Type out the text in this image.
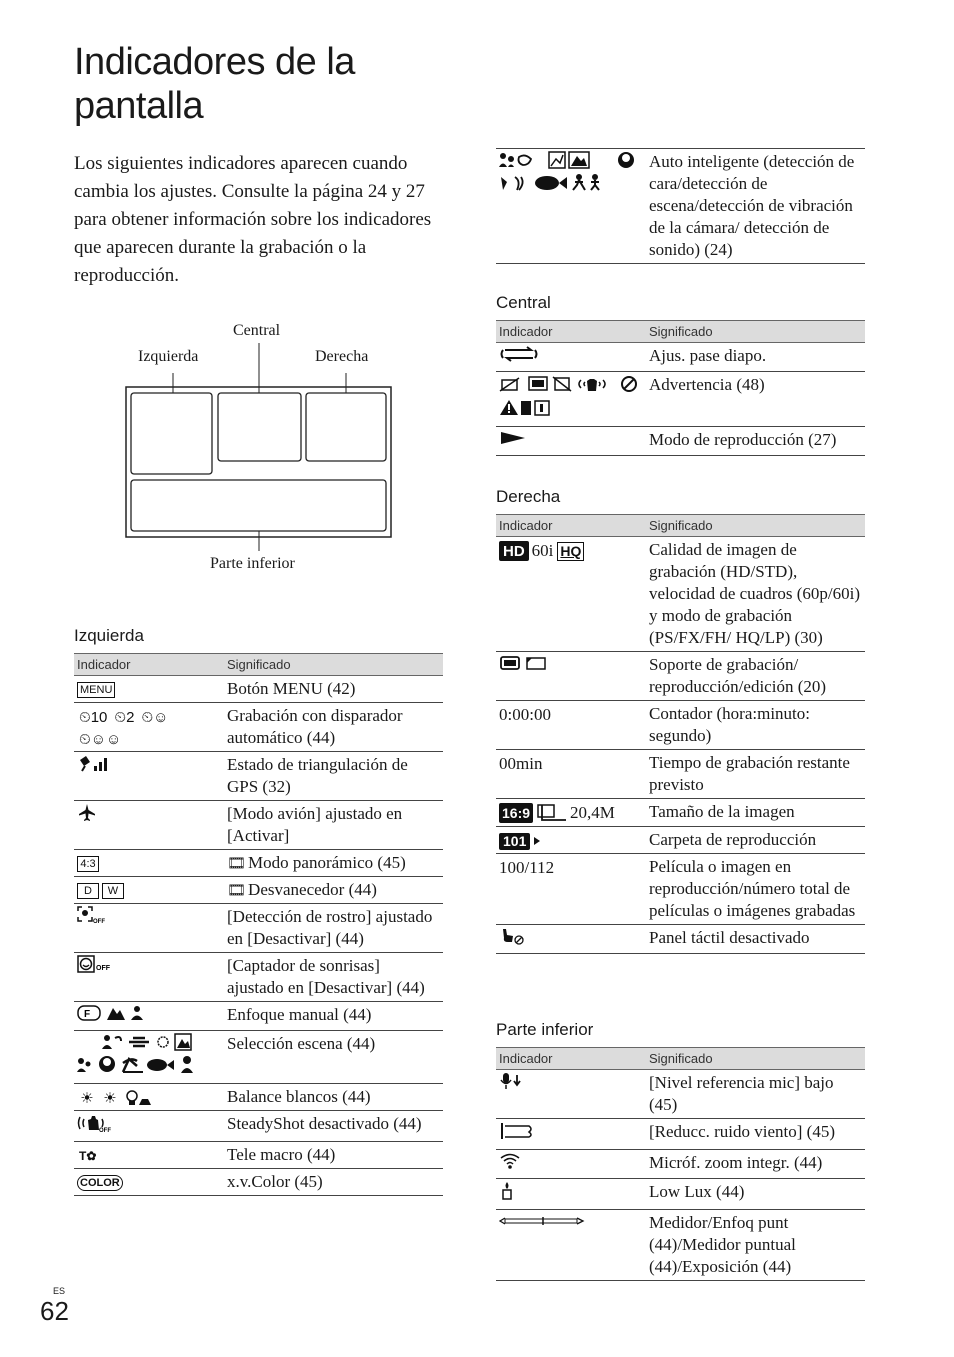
Indicadores de la pantalla

Los siguientes indicadores aparecen cuando cambia los ajustes. Consulte la página 24 y 27 para obtener información sobre los indicadores que aparecen durante la grabación o la reproducción.

Central
Izquierda	Derecha
Parte inferior
Izquierda
Indicador	Significado
MENU	Botón MENU (42)
⏲10 ⏲2 ⏲☺⏲☺☺	Grabación con disparador automático (44)
	Estado de triangulación de GPS (32)
	[Modo avión] ajustado en [Activar]
4:3	🎞 Modo panorámico (45)
D W	🎞 Desvanecedor (44)

OFF	[Detección de rostro] ajustado en [Desactivar] (44)

OFF	[Captador de sonrisas] ajustado en [Desactivar] (44)

F	Enfoque manual (44)
	Selección escena (44)
☀ ☀	Balance blancos (44)

OFF	SteadyShot desactivado (44)
T✿	Tele macro (44)
COLOR	x.v.Color (45)
	Auto inteligente (detección de cara/detección de escena/detección de vibración de la cámara/ detección de sonido) (24)
Central
Indicador	Significado
	Ajus. pase diapo.
	Advertencia (48)
	Modo de reproducción (27)
Derecha
Indicador	Significado
HD 60i HQ	Calidad de imagen de grabación (HD/STD), velocidad de cuadros (60p/60i) y modo de grabación (PS/FX/FH/ HQ/LP) (30)
	Soporte de grabación/ reproducción/edición (20)
0:00:00	Contador (hora:minuto: segundo)
00min	Tiempo de grabación restante previsto
16:9 20,4M	Tamaño de la imagen
101	Carpeta de reproducción
100/112	Película o imagen en reproducción/número total de películas o imágenes grabadas
	Panel táctil desactivado
Parte inferior
Indicador	Significado
	[Nivel referencia mic] bajo (45)
	[Reducc. ruido viento] (45)
	Micróf. zoom integr. (44)
	Low Lux (44)
	Medidor/Enfoq punt (44)/Medidor puntual (44)/Exposición (44)
ES
62
